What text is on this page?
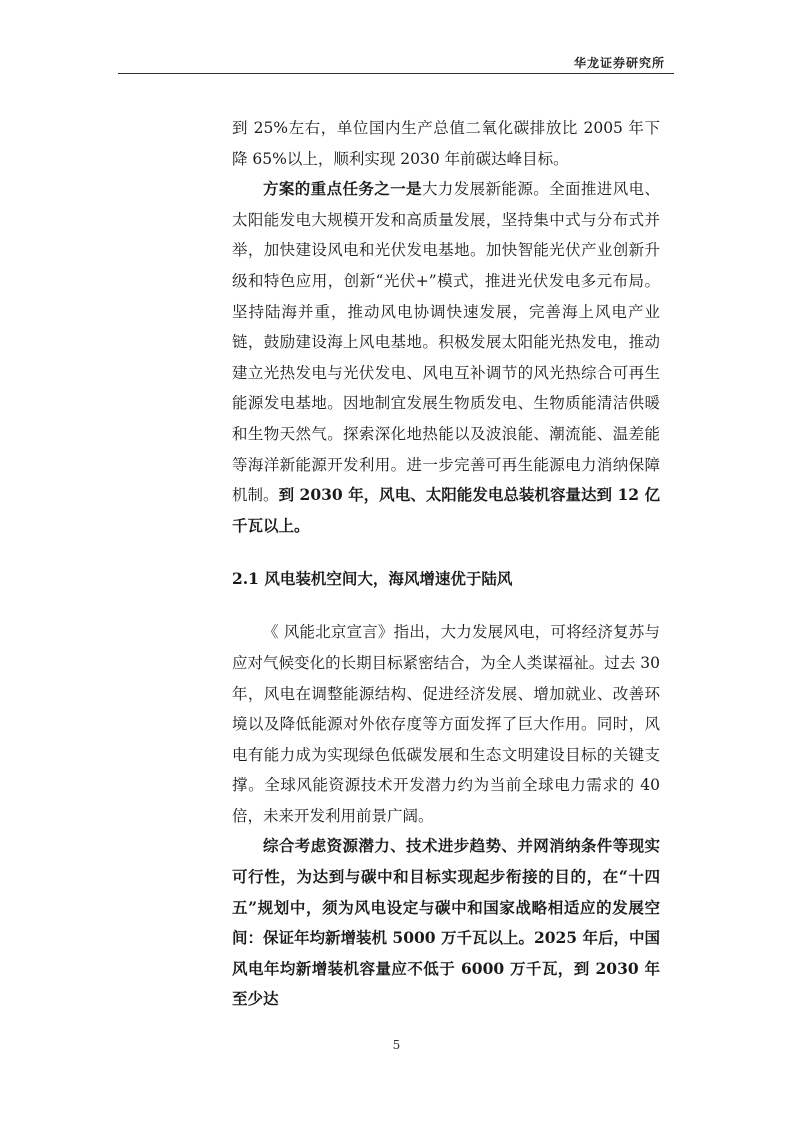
华龙证券研究所

到 25%左右，单位国内生产总值二氧化碳排放比 2005 年下降 65%以上，顺利实现 2030 年前碳达峰目标。

方案的重点任务之一是大力发展新能源。全面推进风电、太阳能发电大规模开发和高质量发展，坚持集中式与分布式并举，加快建设风电和光伏发电基地。加快智能光伏产业创新升级和特色应用，创新“光伏+”模式，推进光伏发电多元布局。坚持陆海并重，推动风电协调快速发展，完善海上风电产业链，鼓励建设海上风电基地。积极发展太阳能光热发电，推动建立光热发电与光伏发电、风电互补调节的风光热综合可再生能源发电基地。因地制宜发展生物质发电、生物质能清洁供暖和生物天然气。探索深化地热能以及波浪能、潮流能、温差能等海洋新能源开发利用。进一步完善可再生能源电力消纳保障机制。到 2030 年，风电、太阳能发电总装机容量达到 12 亿千瓦以上。

2.1 风电装机空间大，海风增速优于陆风

《 风能北京宣言》指出，大力发展风电，可将经济复苏与应对气候变化的长期目标紧密结合，为全人类谋福祉。过去 30 年，风电在调整能源结构、促进经济发展、增加就业、改善环境以及降低能源对外依存度等方面发挥了巨大作用。同时，风电有能力成为实现绿色低碳发展和生态文明建设目标的关键支撑。全球风能资源技术开发潜力约为当前全球电力需求的 40 倍，未来开发利用前景广阔。

综合考虑资源潜力、技术进步趋势、并网消纳条件等现实可行性，为达到与碳中和目标实现起步衔接的目的，在“十四五”规划中，须为风电设定与碳中和国家战略相适应的发展空间：保证年均新增装机 5000 万千瓦以上。2025 年后，中国风电年均新增装机容量应不低于 6000 万千瓦，到 2030 年至少达

5
